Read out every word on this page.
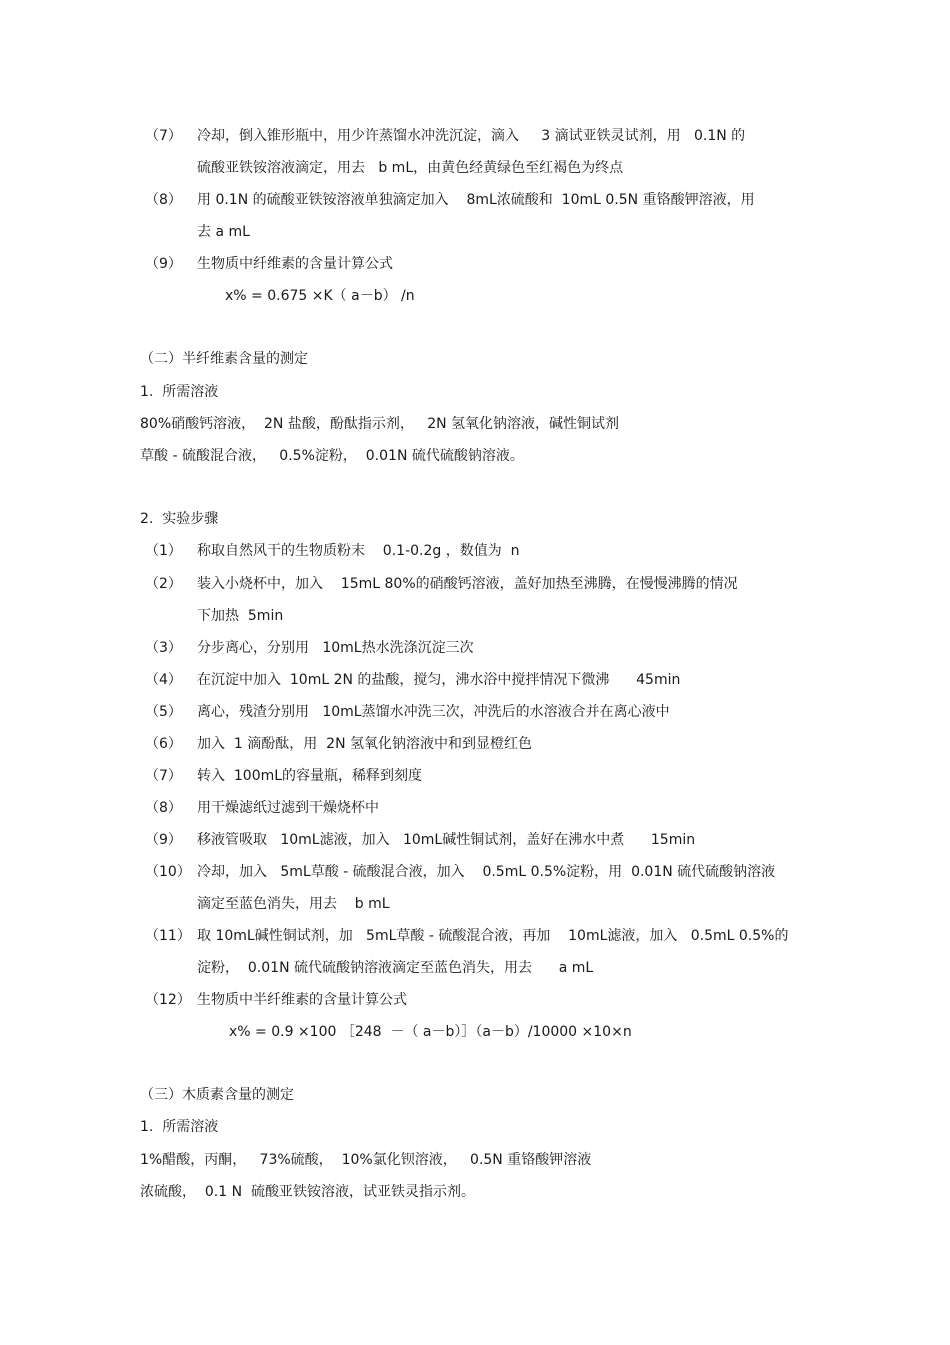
（7） 冷却，倒入锥形瓶中，用少许蒸馏水冲洗沉淀，滴入     3 滴试亚铁灵试剂，用   0.1N 的
硫酸亚铁铵溶液滴定，用去   b mL，由黄色经黄绿色至红褐色为终点
（8） 用 0.1N 的硫酸亚铁铵溶液单独滴定加入    8mL浓硫酸和  10mL 0.5N 重铬酸钾溶液，用
去 a mL
（9） 生物质中纤维素的含量计算公式
x% = 0.675 ×K（ a－b） /n
（二）半纤维素含量的测定
1.  所需溶液
80%硝酸钙溶液，  2N 盐酸，酚酞指示剂，   2N 氢氧化钠溶液，碱性铜试剂
草酸 - 硫酸混合液，   0.5%淀粉，  0.01N 硫代硫酸钠溶液。
2.  实验步骤
（1） 称取自然风干的生物质粉末    0.1-0.2g ，数值为  n
（2） 装入小烧杯中，加入    15mL 80%的硝酸钙溶液，盖好加热至沸腾，在慢慢沸腾的情况
下加热  5min
（3） 分步离心，分别用   10mL热水洗涤沉淀三次
（4） 在沉淀中加入  10mL 2N 的盐酸，搅匀，沸水浴中搅拌情况下微沸      45min
（5） 离心，残渣分别用   10mL蒸馏水冲洗三次，冲洗后的水溶液合并在离心液中
（6） 加入  1 滴酚酞，用  2N 氢氧化钠溶液中和到显橙红色
（7） 转入  100mL的容量瓶，稀释到刻度
（8） 用干燥滤纸过滤到干燥烧杯中
（9） 移液管吸取   10mL滤液，加入   10mL碱性铜试剂，盖好在沸水中煮      15min
（10） 冷却，加入   5mL草酸 - 硫酸混合液，加入    0.5mL 0.5%淀粉，用  0.01N 硫代硫酸钠溶液
滴定至蓝色消失，用去    b mL
（11） 取 10mL碱性铜试剂，加   5mL草酸 - 硫酸混合液，再加    10mL滤液，加入   0.5mL 0.5%的
淀粉，  0.01N 硫代硫酸钠溶液滴定至蓝色消失，用去      a mL
（12） 生物质中半纤维素的含量计算公式
x% = 0.9 ×100 ［248  －（ a－b）］（a－b）/10000 ×10×n
（三）木质素含量的测定
1.  所需溶液
1%醋酸，丙酮，   73%硫酸，  10%氯化钡溶液，   0.5N 重铬酸钾溶液
浓硫酸，  0.1 N  硫酸亚铁铵溶液，试亚铁灵指示剂。
